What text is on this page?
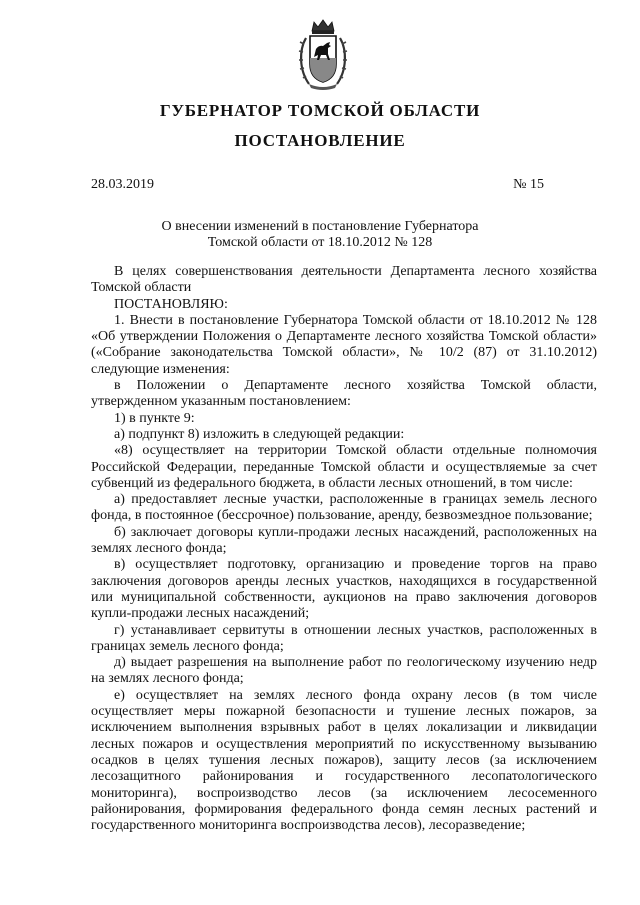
ГУБЕРНАТОР ТОМСКОЙ ОБЛАСТИ
ПОСТАНОВЛЕНИЕ
28.03.2019	№ 15
О внесении изменений в постановление Губернатора
Томской области от 18.10.2012 № 128

В целях совершенствования деятельности Департамента лесного хозяйства Томской области

ПОСТАНОВЛЯЮ:

1. Внести в постановление Губернатора Томской области от 18.10.2012 № 128 «Об утверждении Положения о Департаменте лесного хозяйства Томской области» («Собрание законодательства Томской области», № 10/2 (87) от 31.10.2012) следующие изменения:

в Положении о Департаменте лесного хозяйства Томской области, утвержденном указанным постановлением:

1) в пункте 9:

а) подпункт 8) изложить в следующей редакции:

«8) осуществляет на территории Томской области отдельные полномочия Российской Федерации, переданные Томской области и осуществляемые за счет субвенций из федерального бюджета, в области лесных отношений, в том числе:

а) предоставляет лесные участки, расположенные в границах земель лесного фонда, в постоянное (бессрочное) пользование, аренду, безвозмездное пользование;

б) заключает договоры купли-продажи лесных насаждений, расположенных на землях лесного фонда;

в) осуществляет подготовку, организацию и проведение торгов на право заключения договоров аренды лесных участков, находящихся в государственной или муниципальной собственности, аукционов на право заключения договоров купли-продажи лесных насаждений;

г) устанавливает сервитуты в отношении лесных участков, расположенных в границах земель лесного фонда;

д) выдает разрешения на выполнение работ по геологическому изучению недр на землях лесного фонда;

е) осуществляет на землях лесного фонда охрану лесов (в том числе осуществляет меры пожарной безопасности и тушение лесных пожаров, за исключением выполнения взрывных работ в целях локализации и ликвидации лесных пожаров и осуществления мероприятий по искусственному вызыванию осадков в целях тушения лесных пожаров), защиту лесов (за исключением лесозащитного районирования и государственного лесопатологического мониторинга), воспроизводство лесов (за исключением лесосеменного районирования, формирования федерального фонда семян лесных растений и государственного мониторинга воспроизводства лесов), лесоразведение;
